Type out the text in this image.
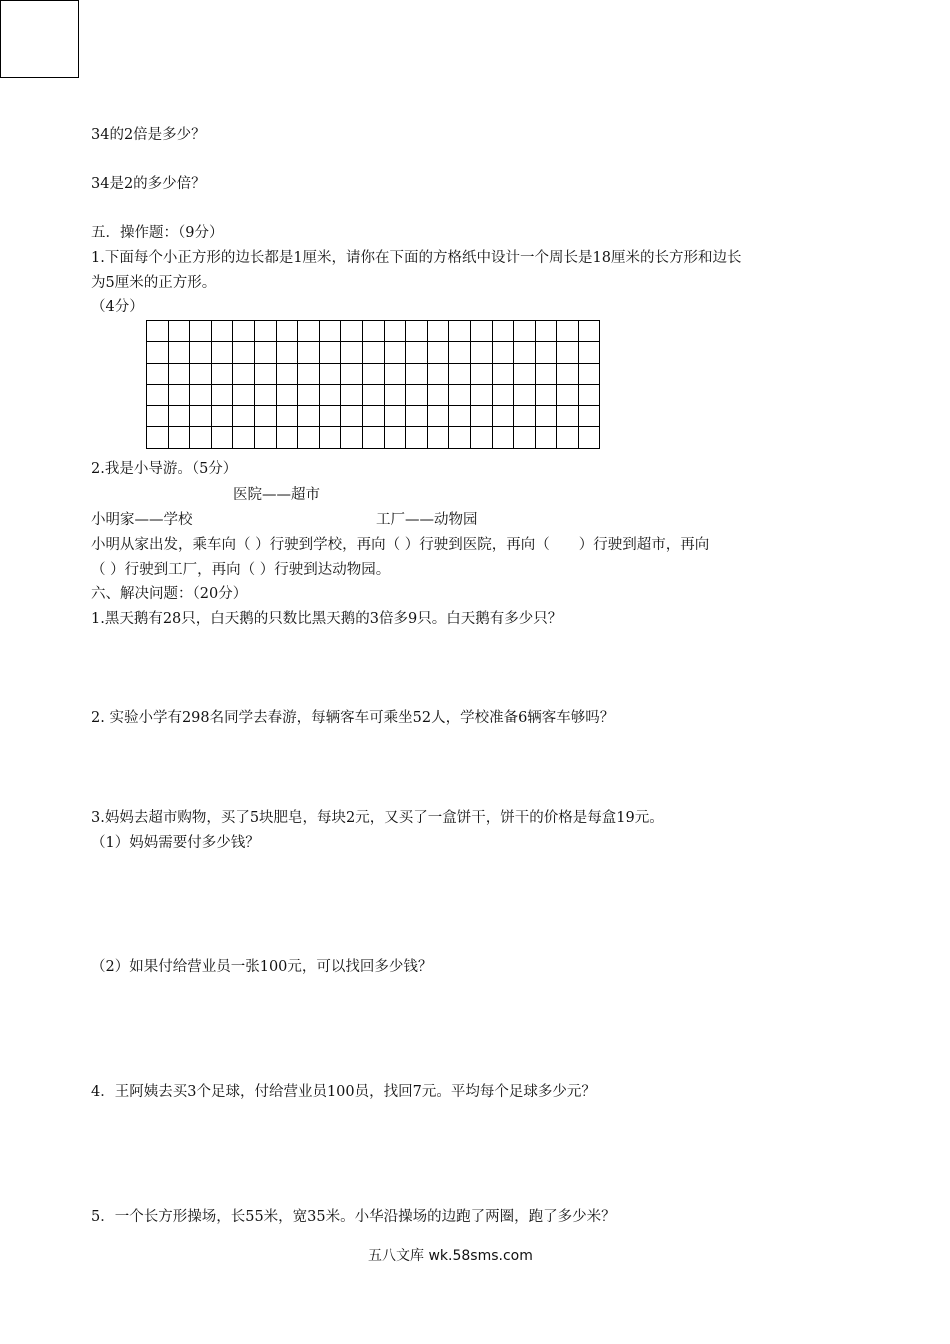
34的2倍是多少？
34是2的多少倍？
五．操作题：（9分）
1.下面每个小正方形的边长都是1厘米，请你在下面的方格纸中设计一个周长是18厘米的长方形和边长
为5厘米的正方形。
（4分）

2.我是小导游。（5分）
医院——超市
小明家——学校	工厂——动物园
小明从家出发，乘车向（ ）行驶到学校，再向（ ）行驶到医院，再向（　　）行驶到超市，再向
（ ）行驶到工厂，再向（ ）行驶到达动物园。
六、解决问题：（20分）
1.黑天鹅有28只，白天鹅的只数比黑天鹅的3倍多9只。白天鹅有多少只？
2. 实验小学有298名同学去春游，每辆客车可乘坐52人，学校准备6辆客车够吗？
3.妈妈去超市购物，买了5块肥皂，每块2元，又买了一盒饼干，饼干的价格是每盒19元。
（1）妈妈需要付多少钱？
（2）如果付给营业员一张100元，可以找回多少钱？
4．王阿姨去买3个足球，付给营业员100员，找回7元。平均每个足球多少元？
5．一个长方形操场，长55米，宽35米。小华沿操场的边跑了两圈，跑了多少米？
五八文库 wk.58sms.com
